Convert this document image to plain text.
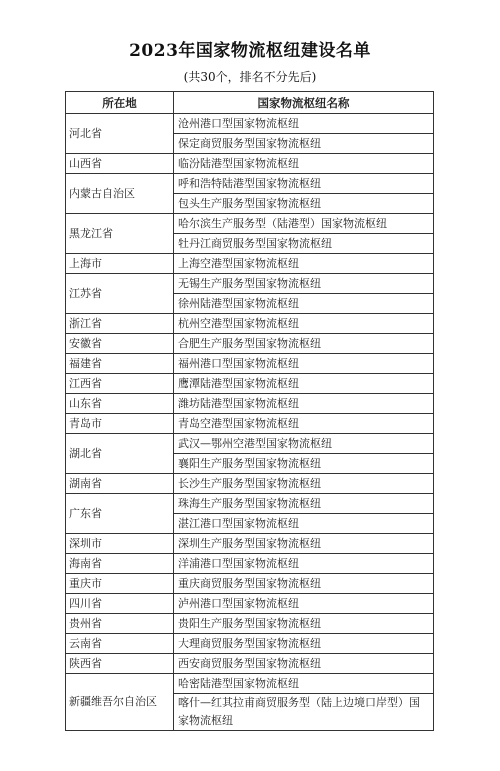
2023年国家物流枢纽建设名单
(共30个，排名不分先后)
所在地	国家物流枢纽名称
河北省	沧州港口型国家物流枢纽
	保定商贸服务型国家物流枢纽
山西省	临汾陆港型国家物流枢纽
内蒙古自治区	呼和浩特陆港型国家物流枢纽
	包头生产服务型国家物流枢纽
黑龙江省	哈尔滨生产服务型（陆港型）国家物流枢纽
	牡丹江商贸服务型国家物流枢纽
上海市	上海空港型国家物流枢纽
江苏省	无锡生产服务型国家物流枢纽
	徐州陆港型国家物流枢纽
浙江省	杭州空港型国家物流枢纽
安徽省	合肥生产服务型国家物流枢纽
福建省	福州港口型国家物流枢纽
江西省	鹰潭陆港型国家物流枢纽
山东省	潍坊陆港型国家物流枢纽
青岛市	青岛空港型国家物流枢纽
湖北省	武汉—鄂州空港型国家物流枢纽
	襄阳生产服务型国家物流枢纽
湖南省	长沙生产服务型国家物流枢纽
广东省	珠海生产服务型国家物流枢纽
	湛江港口型国家物流枢纽
深圳市	深圳生产服务型国家物流枢纽
海南省	洋浦港口型国家物流枢纽
重庆市	重庆商贸服务型国家物流枢纽
四川省	泸州港口型国家物流枢纽
贵州省	贵阳生产服务型国家物流枢纽
云南省	大理商贸服务型国家物流枢纽
陕西省	西安商贸服务型国家物流枢纽
新疆维吾尔自治区	哈密陆港型国家物流枢纽
	喀什—红其拉甫商贸服务型（陆上边境口岸型）国家物流枢纽
